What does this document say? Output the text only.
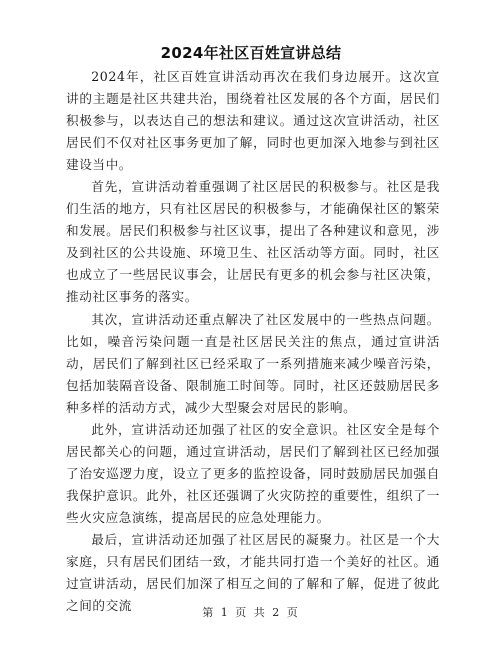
2024年社区百姓宣讲总结

2024年，社区百姓宣讲活动再次在我们身边展开。这次宣讲的主题是社区共建共治，围绕着社区发展的各个方面，居民们积极参与，以表达自己的想法和建议。通过这次宣讲活动，社区居民们不仅对社区事务更加了解，同时也更加深入地参与到社区建设当中。

首先，宣讲活动着重强调了社区居民的积极参与。社区是我们生活的地方，只有社区居民的积极参与，才能确保社区的繁荣和发展。居民们积极参与社区议事，提出了各种建议和意见，涉及到社区的公共设施、环境卫生、社区活动等方面。同时，社区也成立了一些居民议事会，让居民有更多的机会参与社区决策，推动社区事务的落实。

其次，宣讲活动还重点解决了社区发展中的一些热点问题。比如，噪音污染问题一直是社区居民关注的焦点，通过宣讲活动，居民们了解到社区已经采取了一系列措施来减少噪音污染，包括加装隔音设备、限制施工时间等。同时，社区还鼓励居民多种多样的活动方式，减少大型聚会对居民的影响。

此外，宣讲活动还加强了社区的安全意识。社区安全是每个居民都关心的问题，通过宣讲活动，居民们了解到社区已经加强了治安巡逻力度，设立了更多的监控设备，同时鼓励居民加强自我保护意识。此外，社区还强调了火灾防控的重要性，组织了一些火灾应急演练，提高居民的应急处理能力。

最后，宣讲活动还加强了社区居民的凝聚力。社区是一个大家庭，只有居民们团结一致，才能共同打造一个美好的社区。通过宣讲活动，居民们加深了相互之间的了解和了解，促进了彼此之间的交流	第 1 页 共 2 页
